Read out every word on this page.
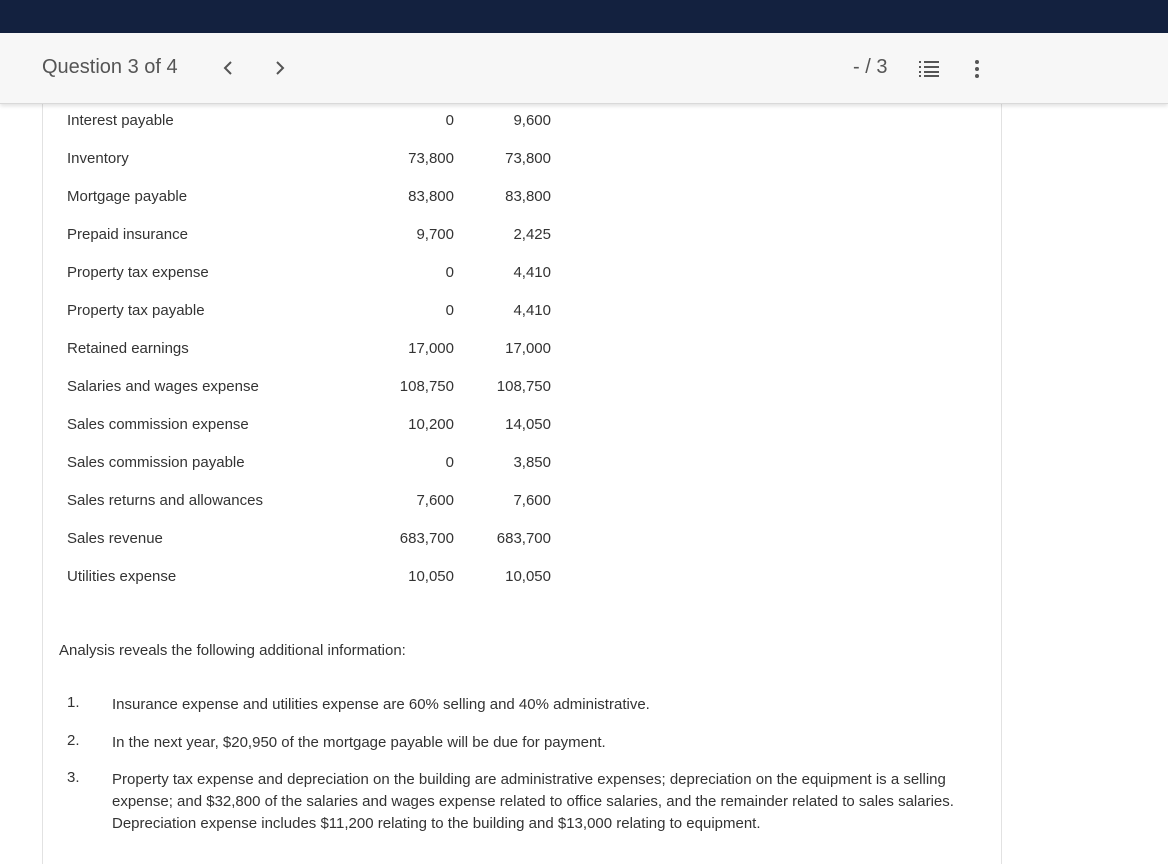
Question 3 of 4	- / 3
Interest payable	0	9,600
Inventory	73,800	73,800
Mortgage payable	83,800	83,800
Prepaid insurance	9,700	2,425
Property tax expense	0	4,410
Property tax payable	0	4,410
Retained earnings	17,000	17,000
Salaries and wages expense	108,750	108,750
Sales commission expense	10,200	14,050
Sales commission payable	0	3,850
Sales returns and allowances	7,600	7,600
Sales revenue	683,700	683,700
Utilities expense	10,050	10,050
Analysis reveals the following additional information:
1.	Insurance expense and utilities expense are 60% selling and 40% administrative.
2.	In the next year, $20,950 of the mortgage payable will be due for payment.
3.	Property tax expense and depreciation on the building are administrative expenses; depreciation on the equipment is a selling expense; and $32,800 of the salaries and wages expense related to office salaries, and the remainder related to sales salaries. Depreciation expense includes $11,200 relating to the building and $13,000 relating to equipment.
